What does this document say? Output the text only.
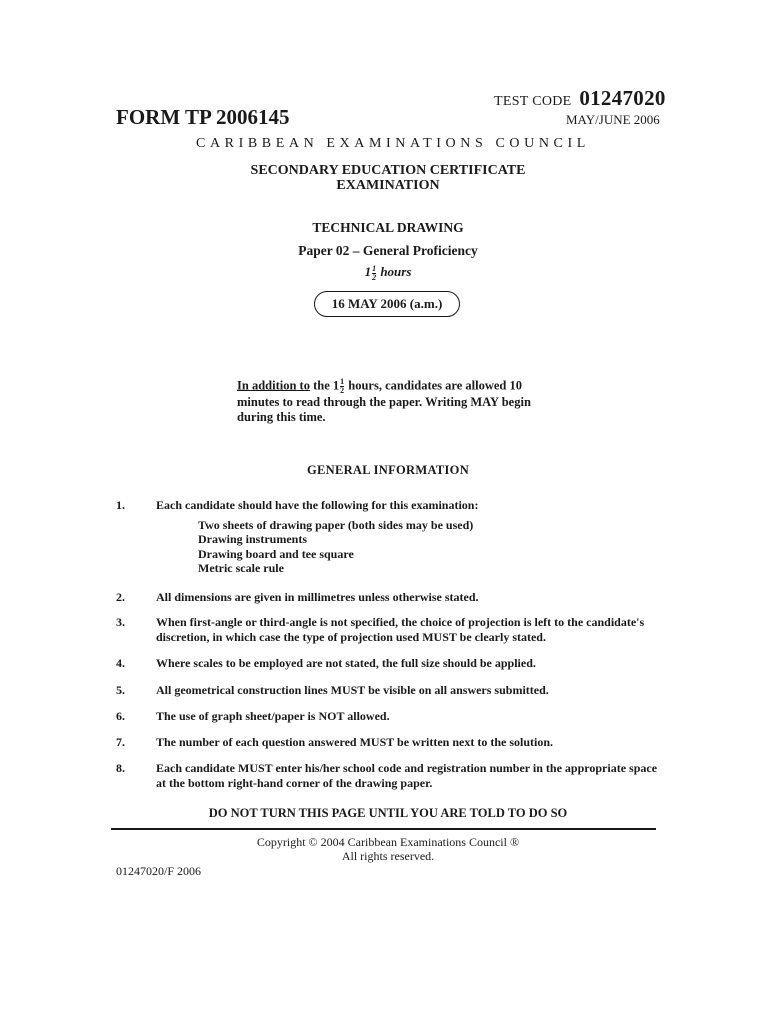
TEST CODE 01247020
FORM TP 2006145	MAY/JUNE 2006
CARIBBEAN EXAMINATIONS COUNCIL
SECONDARY EDUCATION CERTIFICATE
EXAMINATION
TECHNICAL DRAWING
Paper 02 – General Proficiency
$1 \frac{1}{2}$ hours
16 MAY 2006 (a.m.)
In addition to the $1 \frac{1}{2}$ hours, candidates are allowed 10 minutes to read through the paper. Writing MAY begin during this time.
GENERAL INFORMATION
1.	Each candidate should have the following for this examination:
Two sheets of drawing paper (both sides may be used)
Drawing instruments
Drawing board and tee square
Metric scale rule
2.	All dimensions are given in millimetres unless otherwise stated.
3.	When first-angle or third-angle is not specified, the choice of projection is left to the candidate's discretion, in which case the type of projection used MUST be clearly stated.
4.	Where scales to be employed are not stated, the full size should be applied.
5.	All geometrical construction lines MUST be visible on all answers submitted.
6.	The use of graph sheet/paper is NOT allowed.
7.	The number of each question answered MUST be written next to the solution.
8.	Each candidate MUST enter his/her school code and registration number in the appropriate space at the bottom right-hand corner of the drawing paper.
DO NOT TURN THIS PAGE UNTIL YOU ARE TOLD TO DO SO
Copyright © 2004 Caribbean Examinations Council ®
All rights reserved.
01247020/F 2006
